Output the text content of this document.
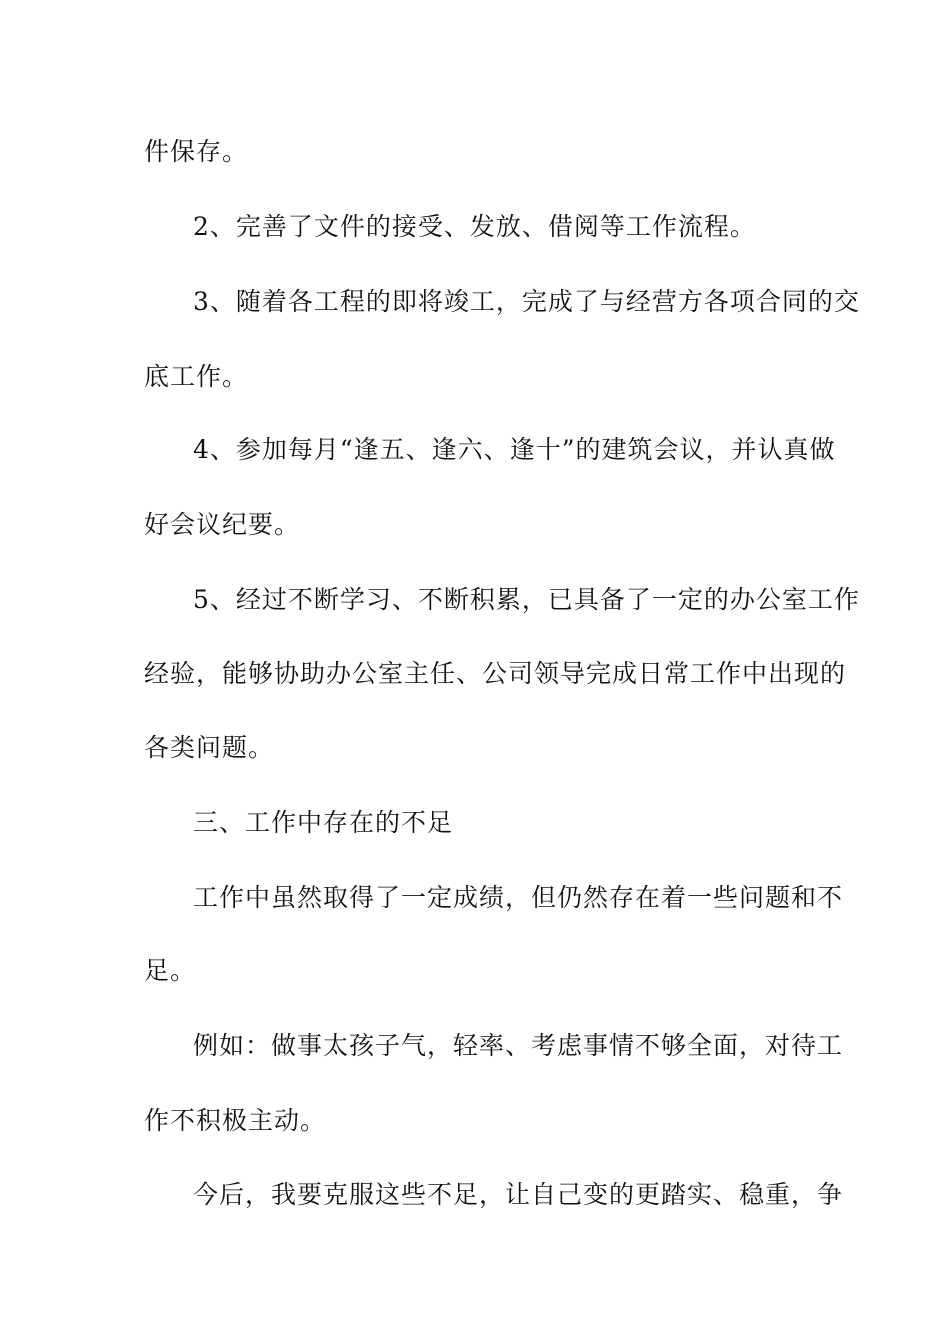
件保存。
2、完善了文件的接受、发放、借阅等工作流程。
3、随着各工程的即将竣工，完成了与经营方各项合同的交
底工作。
4、参加每月“逢五、逢六、逢十”的建筑会议，并认真做
好会议纪要。
5、经过不断学习、不断积累，已具备了一定的办公室工作
经验，能够协助办公室主任、公司领导完成日常工作中出现的
各类问题。
三、工作中存在的不足
工作中虽然取得了一定成绩，但仍然存在着一些问题和不
足。
例如：做事太孩子气，轻率、考虑事情不够全面，对待工
作不积极主动。
今后，我要克服这些不足，让自己变的更踏实、稳重，争
